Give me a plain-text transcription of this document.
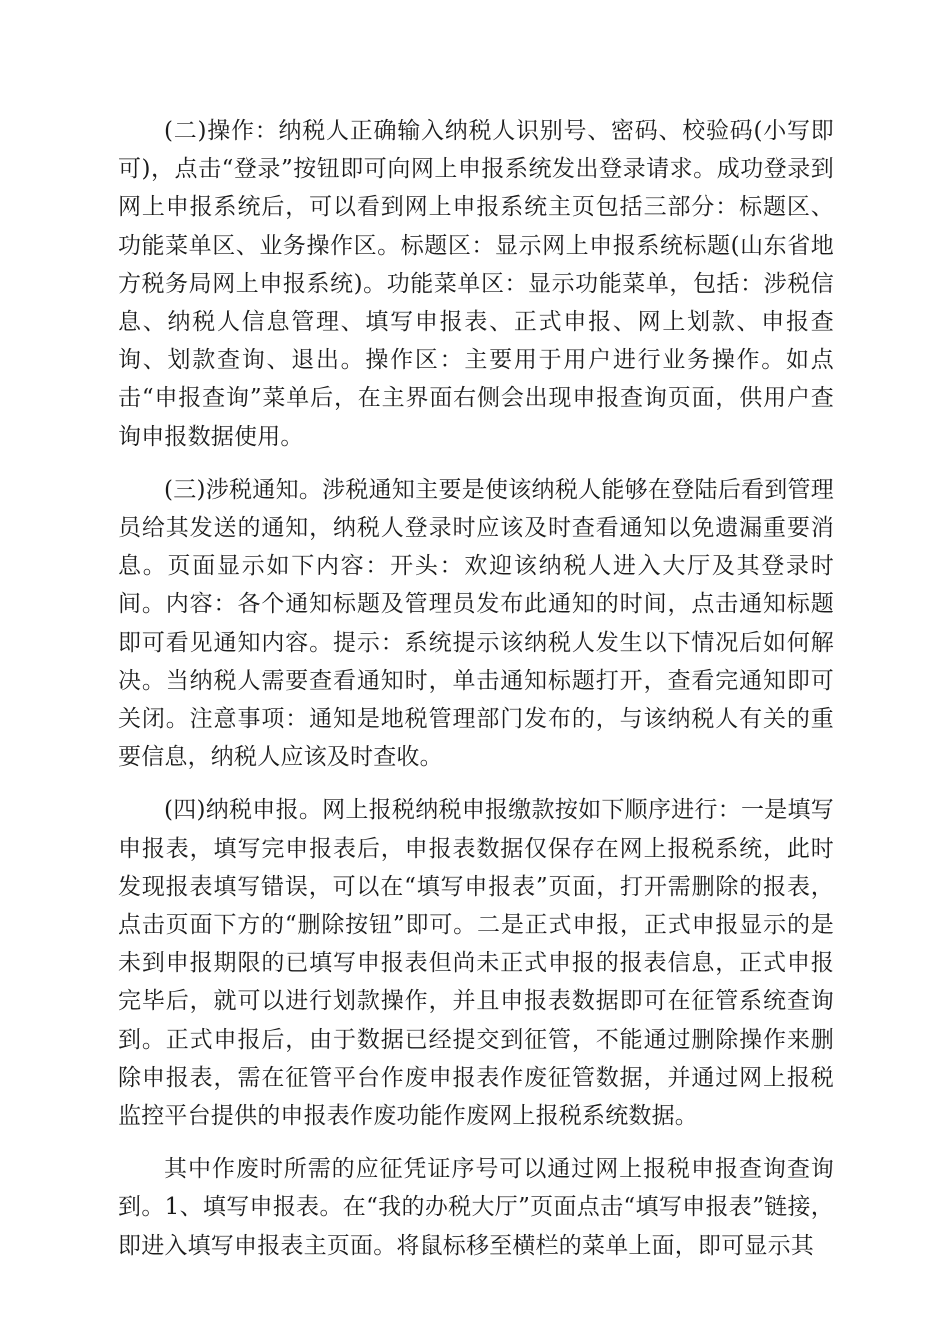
(二)操作：纳税人正确输入纳税人识别号、密码、校验码(小写即可)，点击“登录”按钮即可向网上申报系统发出登录请求。成功登录到网上申报系统后，可以看到网上申报系统主页包括三部分：标题区、功能菜单区、业务操作区。标题区：显示网上申报系统标题(山东省地方税务局网上申报系统)。功能菜单区：显示功能菜单，包括：涉税信息、纳税人信息管理、填写申报表、正式申报、网上划款、申报查询、划款查询、退出。操作区：主要用于用户进行业务操作。如点击“申报查询”菜单后，在主界面右侧会出现申报查询页面，供用户查询申报数据使用。

(三)涉税通知。涉税通知主要是使该纳税人能够在登陆后看到管理员给其发送的通知，纳税人登录时应该及时查看通知以免遗漏重要消息。页面显示如下内容：开头：欢迎该纳税人进入大厅及其登录时间。内容：各个通知标题及管理员发布此通知的时间，点击通知标题即可看见通知内容。提示：系统提示该纳税人发生以下情况后如何解决。当纳税人需要查看通知时，单击通知标题打开，查看完通知即可关闭。注意事项：通知是地税管理部门发布的，与该纳税人有关的重要信息，纳税人应该及时查收。

(四)纳税申报。网上报税纳税申报缴款按如下顺序进行：一是填写申报表，填写完申报表后，申报表数据仅保存在网上报税系统，此时发现报表填写错误，可以在“填写申报表”页面，打开需删除的报表，点击页面下方的“删除按钮”即可。二是正式申报，正式申报显示的是未到申报期限的已填写申报表但尚未正式申报的报表信息，正式申报完毕后，就可以进行划款操作，并且申报表数据即可在征管系统查询到。正式申报后，由于数据已经提交到征管，不能通过删除操作来删除申报表，需在征管平台作废申报表作废征管数据，并通过网上报税监控平台提供的申报表作废功能作废网上报税系统数据。

其中作废时所需的应征凭证序号可以通过网上报税申报查询查询到。1、填写申报表。在“我的办税大厅”页面点击“填写申报表”链接，即进入填写申报表主页面。将鼠标移至横栏的菜单上面，即可显示其
